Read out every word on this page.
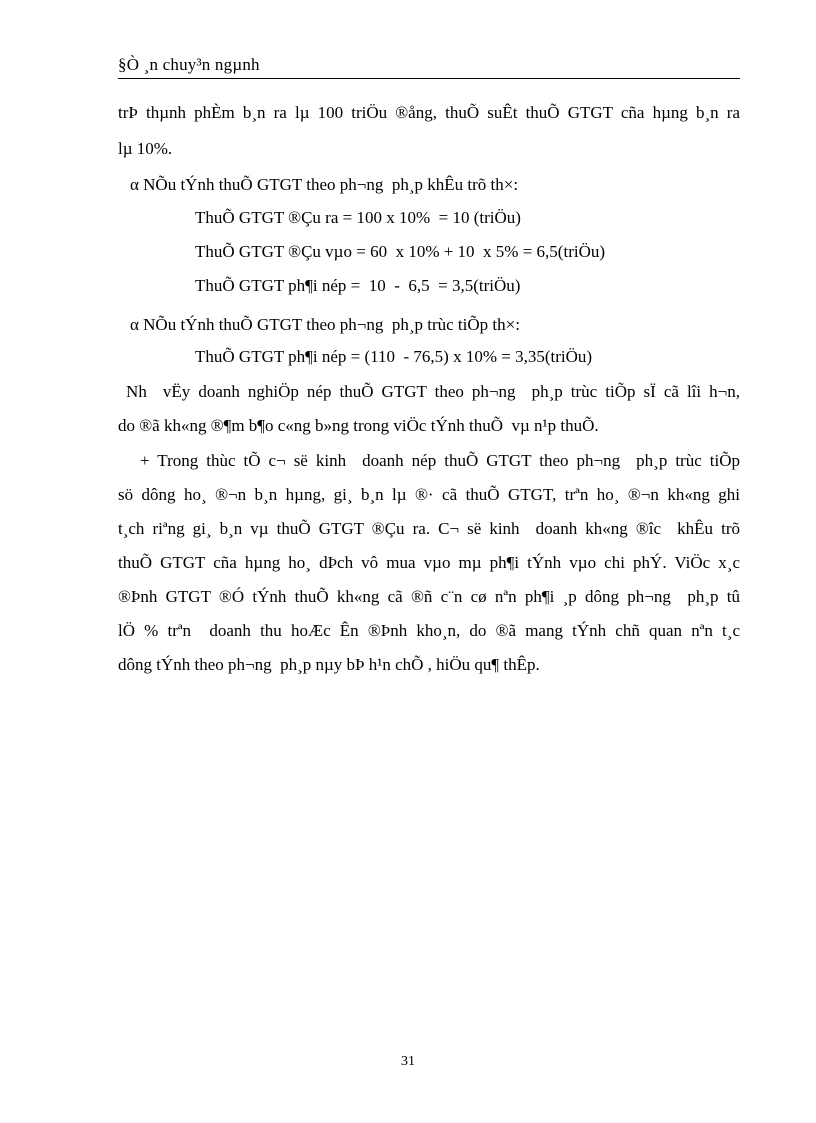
§Ò ¸n chuy³n ngµnh
trÞ thµnh phÈm b¸n ra lµ 100 triÖu ®ång, thuÕ suÊt thuÕ GTGT cña hµng b¸n ra
lµ 10%.
α NÕu tÝnh thuÕ GTGT theo ph¬ng  ph¸p khÊu trõ th×:
ThuÕ GTGT ®Çu ra = 100 x 10%  = 10 (triÖu)
ThuÕ GTGT ®Çu vµo = 60  x 10% + 10  x 5% = 6,5(triÖu)
ThuÕ GTGT ph¶i nép =  10  -  6,5  = 3,5(triÖu)
α NÕu tÝnh thuÕ GTGT theo ph¬ng  ph¸p trùc tiÕp th×:
ThuÕ GTGT ph¶i nép = (110  - 76,5) x 10% = 3,35(triÖu)
Nh  vËy doanh nghiÖp nép thuÕ GTGT theo ph¬ng  ph¸p trùc tiÕp sÏ cã lîi h¬n,
do ®ã kh«ng ®¶m b¶o c«ng b»ng trong viÖc tÝnh thuÕ  vµ n¹p thuÕ.
+ Trong thùc tÕ c¬ së kinh  doanh nép thuÕ GTGT theo ph¬ng  ph¸p trùc tiÕp
sö dông ho¸ ®¬n b¸n hµng, gi¸ b¸n lµ ®· cã thuÕ GTGT, trªn ho¸ ®¬n kh«ng ghi
t¸ch riªng gi¸ b¸n vµ thuÕ GTGT ®Çu ra. C¬ së kinh  doanh kh«ng ®îc  khÊu trõ
thuÕ GTGT cña hµng ho¸ dÞch vô mua vµo mµ ph¶i tÝnh vµo chi phÝ. ViÖc x¸c
®Þnh GTGT ®Ó tÝnh thuÕ kh«ng cã ®ñ c¨n cø nªn ph¶i ¸p dông ph¬ng  ph¸p tû
lÖ % trªn  doanh thu hoÆc Ên ®Þnh kho¸n, do ®ã mang tÝnh chñ quan nªn t¸c
dông tÝnh theo ph¬ng  ph¸p nµy bÞ h¹n chÕ , hiÖu qu¶ thÊp.
31
